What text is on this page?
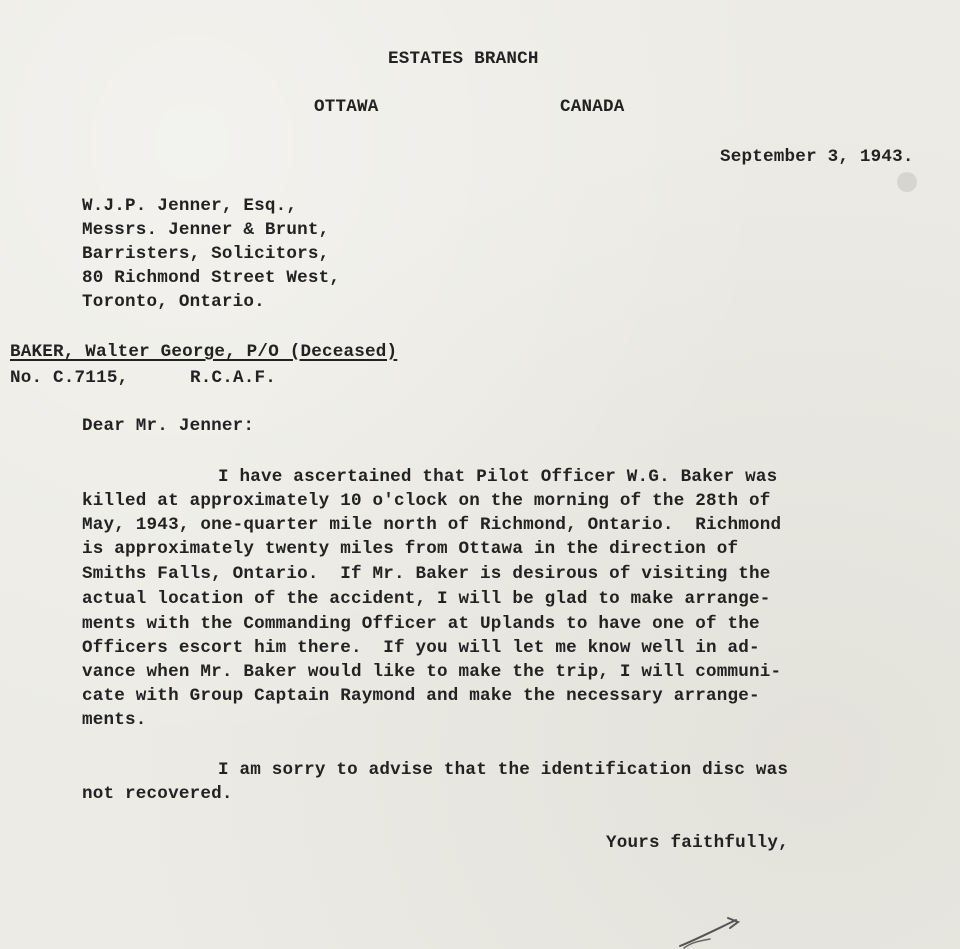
ESTATES BRANCH
OTTAWA	CANADA
September 3, 1943.
W.J.P. Jenner, Esq.,
Messrs. Jenner & Brunt,
Barristers, Solicitors,
80 Richmond Street West,
Toronto, Ontario.
BAKER, Walter George, P/O (Deceased)
No. C.7115,	R.C.A.F.
Dear Mr. Jenner:
I have ascertained that Pilot Officer W.G. Baker was
killed at approximately 10 o'clock on the morning of the 28th of
May, 1943, one-quarter mile north of Richmond, Ontario.  Richmond
is approximately twenty miles from Ottawa in the direction of
Smiths Falls, Ontario.  If Mr. Baker is desirous of visiting the
actual location of the accident, I will be glad to make arrange-
ments with the Commanding Officer at Uplands to have one of the
Officers escort him there.  If you will let me know well in ad-
vance when Mr. Baker would like to make the trip, I will communi-
cate with Group Captain Raymond and make the necessary arrange-
ments.
I am sorry to advise that the identification disc was
not recovered.
Yours faithfully,
